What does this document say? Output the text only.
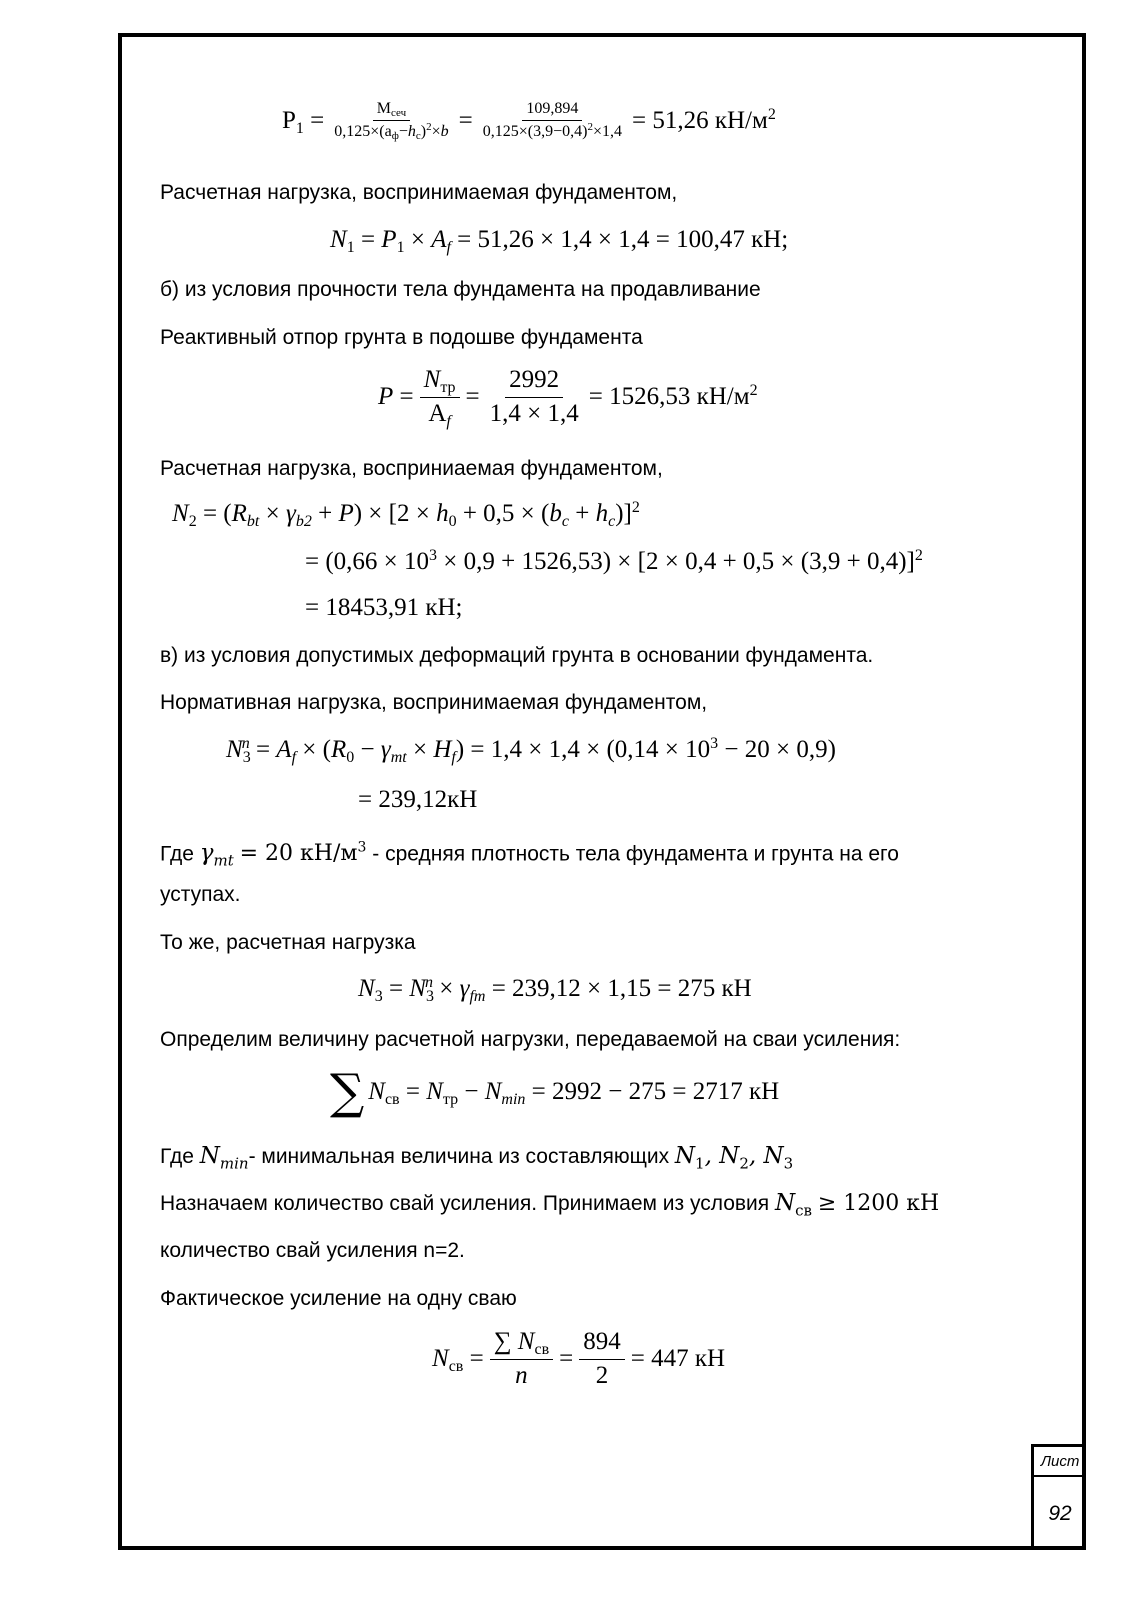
$P_1 = \frac{М_{сеч}}{0,125\times(а_ф-h_c)^2\times b} = \frac{109,894}{0,125\times(3,9-0,4)^2\times 1,4} = 51,26$ $кН/м^2$
Расчетная нагрузка, воспринимаемая фундаментом,
$N_1 = P_1 \times A_f = 51,26 \times 1,4 \times 1,4 = 100,47$ кН;
б) из условия прочности тела фундамента на продавливание
Реактивный отпор грунта в подошве фундамента
$P = \frac{N_{тр}}{A_f} = \frac{2992}{1,4 \times 1,4} = 1526,53$ $кН/м^2$
Расчетная нагрузка, восприниаемая фундаментом,
$N_2 = (R_{bt} \times \gamma_{b2} + P) \times [2 \times h_0 + 0,5 \times (b_c + h_c)]^2$
= $(0,66 \times 10^3 \times 0,9 + 1526,53) \times [2 \times 0,4 + 0,5 \times (3,9 + 0,4)]^2$
= 18453,91 кН;
в) из условия допустимых деформаций грунта в основании фундамента.
Нормативная нагрузка, воспринимаемая фундаментом,
$N_3^n = A_f \times (R_0 - \gamma_{mt} \times H_f) = 1,4 \times 1,4 \times (0,14 \times 10^3 - 20 \times 0,9)$
= 239,12кН
Где $\gamma_{mt} = 20$ $кН/м^3$ - средняя плотность тела фундамента и грунта на его
уступах.
То же, расчетная нагрузка
$N_3 = N_3^n \times \gamma_{fm} = 239,12 \times 1,15 = 275$ кН
Определим величину расчетной нагрузки, передаваемой на сваи усиления:
∑ $N_{св} = N_{тр} - N_{min} = 2992 - 275 = 2717$ кН
Где $N_{min}-$ минимальная величина из составляющих $N_1$, $N_2$, $N_3$
Назначаем количество свай усиления. Принимаем из условия $N_{св} \ge 1200$ кН
количество свай усиления n=2.
Фактическое усиление на одну сваю
$N_{св} = \frac{\sum N_{св}}{n} = \frac{894}{2} = 447$ кН
Лист
92
